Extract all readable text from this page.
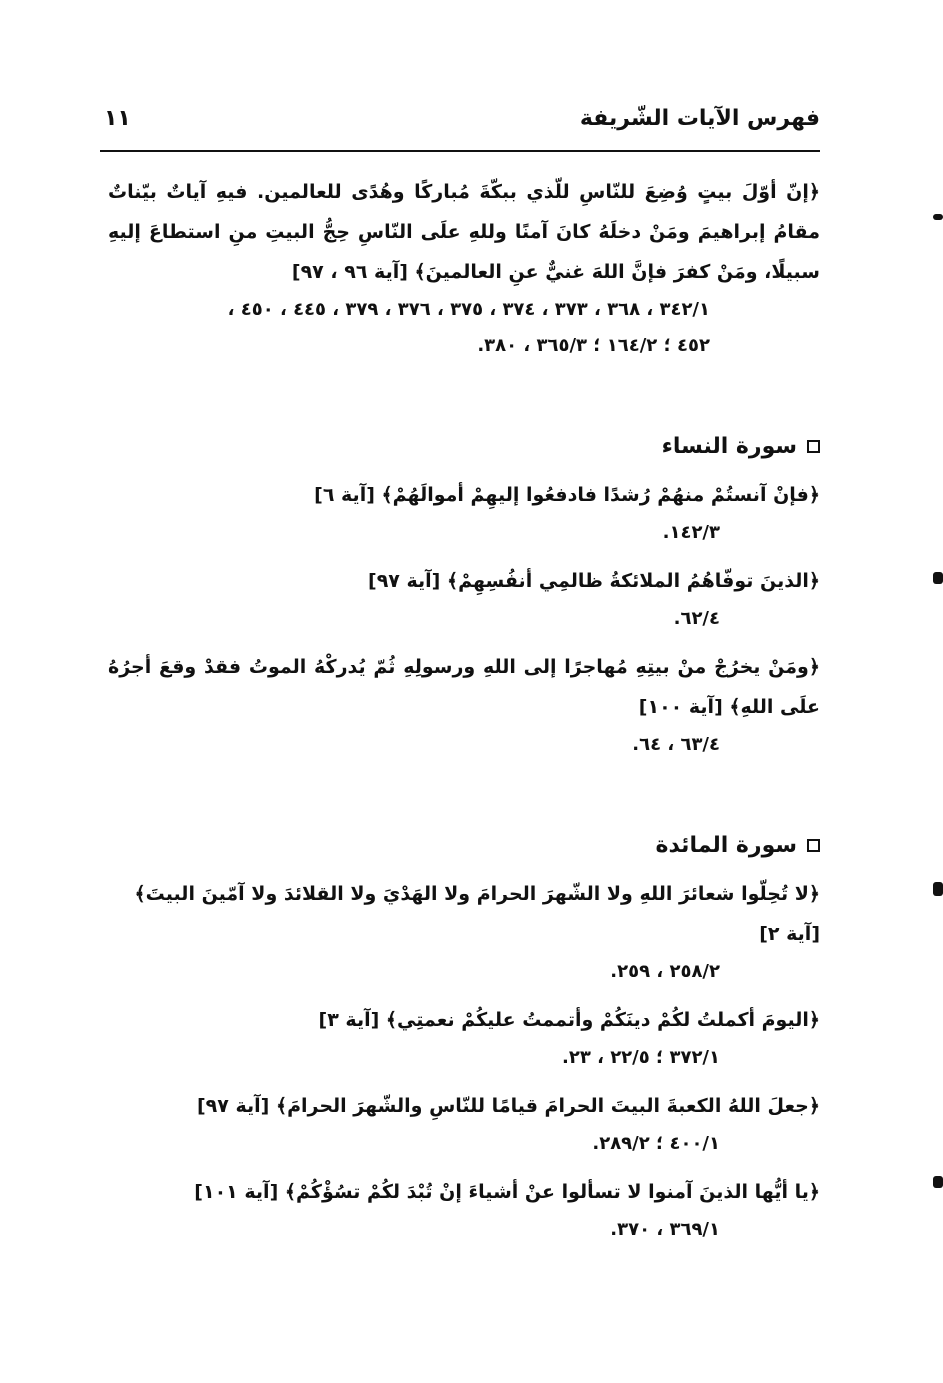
فهرس الآيات الشّريفة
١١
﴿إنّ أوّلَ بيتٍ وُضِعَ للنّاسِ للّذي ببكّةَ مُباركًا وهُدًى للعالمين. فيهِ آياتٌ بيّناتٌ مقامُ إبراهيمَ ومَنْ دخلَهُ كانَ آمنًا وللهِ علَى النّاسِ حِجُّ البيتِ منِ استطاعَ إليهِ سبيلًا، ومَنْ كفرَ فإنَّ اللهَ غنيٌّ عنِ العالمينَ﴾ [آية ٩٦ ، ٩٧]
٣٤٢/١ ، ٣٦٨ ، ٣٧٣ ، ٣٧٤ ، ٣٧٥ ، ٣٧٦ ، ٣٧٩ ، ٤٤٥ ، ٤٥٠ ،
٤٥٢ ؛ ١٦٤/٢ ؛ ٣٦٥/٣ ، ٣٨٠.
سورة النساء
﴿فإنْ آنستُمْ منهُمْ رُشدًا فادفعُوا إليهِمْ أموالَهُمْ﴾ [آية ٦]
١٤٢/٣.
﴿الذينَ توفّاهُمُ الملائكةُ ظالمِي أنفُسِهِمْ﴾ [آية ٩٧]
٦٢/٤.
﴿ومَنْ يخرُجْ منْ بيتِهِ مُهاجرًا إلى اللهِ ورسولِهِ ثُمّ يُدركْهُ الموتُ فقدْ وقعَ أجرُهُ علَى اللهِ﴾ [آية ١٠٠]
٦٣/٤ ، ٦٤.
سورة المائدة
﴿لا تُحِلّوا شعائرَ اللهِ ولا الشّهرَ الحرامَ ولا الهَدْيَ ولا القلائدَ ولا آمّينَ البيتَ﴾ [آية ٢]
٢٥٨/٢ ، ٢٥٩.
﴿اليومَ أكملتُ لكُمْ دينَكُمْ وأتممتُ عليكُمْ نعمتِي﴾ [آية ٣]
٣٧٢/١ ؛ ٢٢/٥ ، ٢٣.
﴿جعلَ اللهُ الكعبةَ البيتَ الحرامَ قيامًا للنّاسِ والشّهرَ الحرامَ﴾ [آية ٩٧]
٤٠٠/١ ؛ ٢٨٩/٢.
﴿يا أيُّها الذينَ آمنوا لا تسألوا عنْ أشياءَ إنْ تُبْدَ لكُمْ تسُؤْكُمْ﴾ [آية ١٠١]
٣٦٩/١ ، ٣٧٠.
